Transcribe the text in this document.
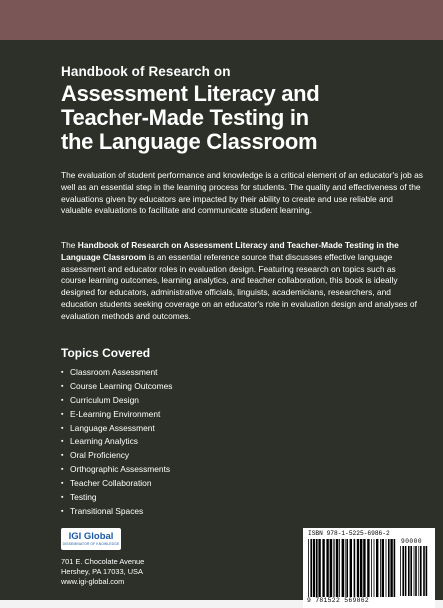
Handbook of Research on
Assessment Literacy and
Teacher-Made Testing in
the Language Classroom
The evaluation of student performance and knowledge is a critical element of an educator's job as well as an essential step in the learning process for students. The quality and effectiveness of the evaluations given by educators are impacted by their ability to create and use reliable and valuable evaluations to facilitate and communicate student learning.
The Handbook of Research on Assessment Literacy and Teacher-Made Testing in the Language Classroom is an essential reference source that discusses effective language assessment and educator roles in evaluation design. Featuring research on topics such as course learning outcomes, learning analytics, and teacher collaboration, this book is ideally designed for educators, administrative officials, linguists, academicians, researchers, and education students seeking coverage on an educator's role in evaluation design and analyses of evaluation methods and outcomes.
Topics Covered
▪ Classroom Assessment
▪ Course Learning Outcomes
▪ Curriculum Design
▪ E-Learning Environment
▪ Language Assessment
▪ Learning Analytics
▪ Oral Proficiency
▪ Orthographic Assessments
▪ Teacher Collaboration
▪ Testing
▪ Transitional Spaces
IGI Global
DISSEMINATOR OF KNOWLEDGE
701 E. Chocolate Avenue
Hershey, PA 17033, USA
www.igi-global.com
ISBN 978-1-5225-6986-2
90000
9 781522 569862
